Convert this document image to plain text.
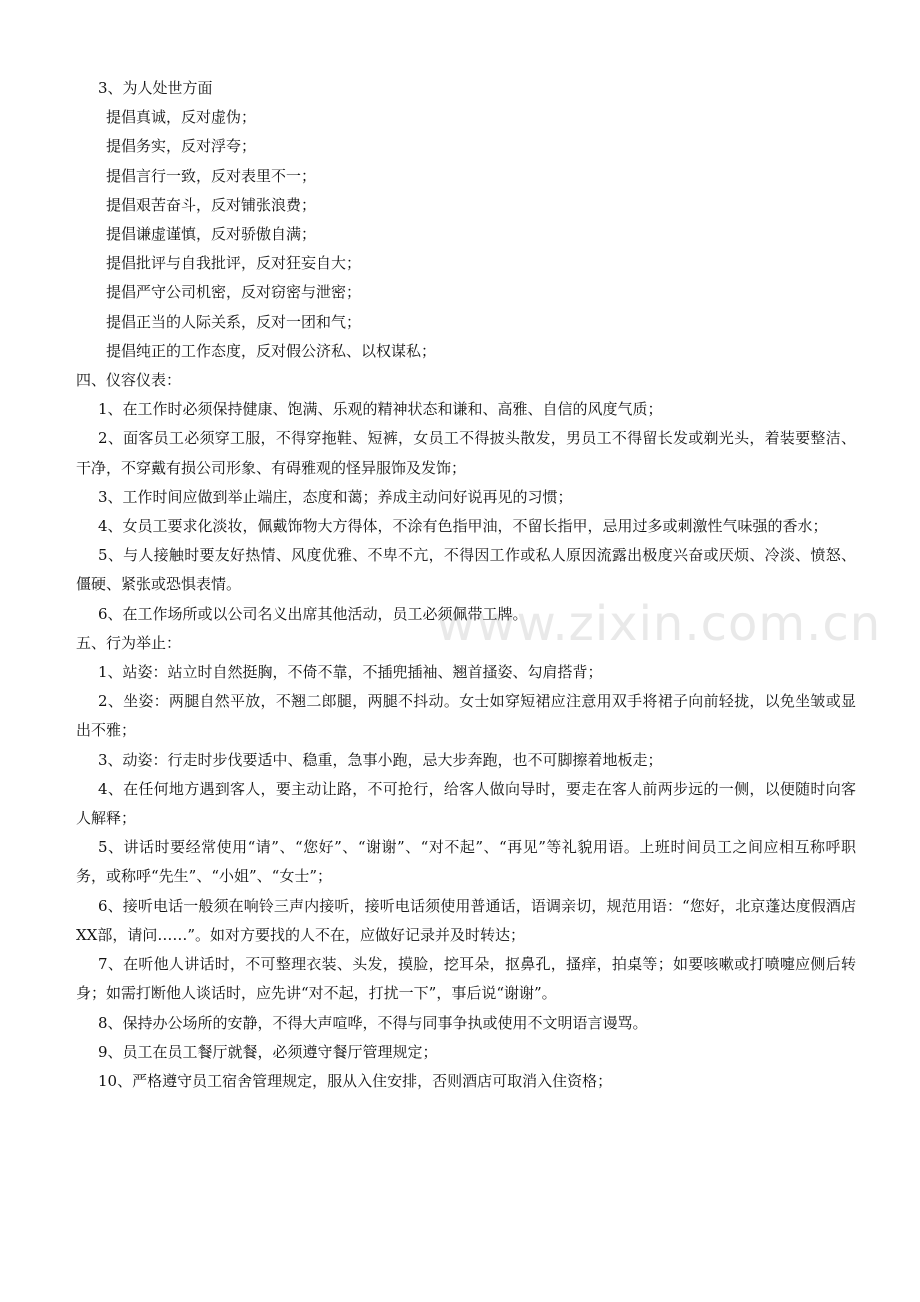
www.zixin.com.cn
3、为人处世方面
提倡真诚，反对虚伪；
提倡务实，反对浮夸；
提倡言行一致，反对表里不一；
提倡艰苦奋斗，反对铺张浪费；
提倡谦虚谨慎，反对骄傲自满；
提倡批评与自我批评，反对狂妄自大；
提倡严守公司机密，反对窃密与泄密；
提倡正当的人际关系，反对一团和气；
提倡纯正的工作态度，反对假公济私、以权谋私；
四、仪容仪表：
1、在工作时必须保持健康、饱满、乐观的精神状态和谦和、高雅、自信的风度气质；
2、面客员工必须穿工服，不得穿拖鞋、短裤，女员工不得披头散发，男员工不得留长发或剃光头，着装要整洁、干净，不穿戴有损公司形象、有碍雅观的怪异服饰及发饰；
3、工作时间应做到举止端庄，态度和蔼；养成主动问好说再见的习惯；
4、女员工要求化淡妆，佩戴饰物大方得体，不涂有色指甲油，不留长指甲，忌用过多或刺激性气味强的香水；
5、与人接触时要友好热情、风度优雅、不卑不亢，不得因工作或私人原因流露出极度兴奋或厌烦、冷淡、愤怒、僵硬、紧张或恐惧表情。
6、在工作场所或以公司名义出席其他活动，员工必须佩带工牌。
五、行为举止：
1、站姿：站立时自然挺胸，不倚不靠，不插兜插袖、翘首搔姿、勾肩搭背；
2、坐姿：两腿自然平放，不翘二郎腿，两腿不抖动。女士如穿短裙应注意用双手将裙子向前轻拢，以免坐皱或显出不雅；
3、动姿：行走时步伐要适中、稳重，急事小跑，忌大步奔跑，也不可脚擦着地板走；
4、在任何地方遇到客人，要主动让路，不可抢行，给客人做向导时，要走在客人前两步远的一侧，以便随时向客人解释；
5、讲话时要经常使用“请”、“您好”、“谢谢”、“对不起”、“再见”等礼貌用语。上班时间员工之间应相互称呼职务，或称呼“先生”、“小姐”、“女士”；
6、接听电话一般须在响铃三声内接听，接听电话须使用普通话，语调亲切，规范用语：“您好，北京蓬达度假酒店XX部，请问……”。如对方要找的人不在，应做好记录并及时转达；
7、在听他人讲话时，不可整理衣装、头发，摸脸，挖耳朵，抠鼻孔，搔痒，拍桌等；如要咳嗽或打喷嚏应侧后转身；如需打断他人谈话时，应先讲“对不起，打扰一下”，事后说“谢谢”。
8、保持办公场所的安静，不得大声喧哗，不得与同事争执或使用不文明语言谩骂。
9、员工在员工餐厅就餐，必须遵守餐厅管理规定；
10、严格遵守员工宿舍管理规定，服从入住安排，否则酒店可取消入住资格；
